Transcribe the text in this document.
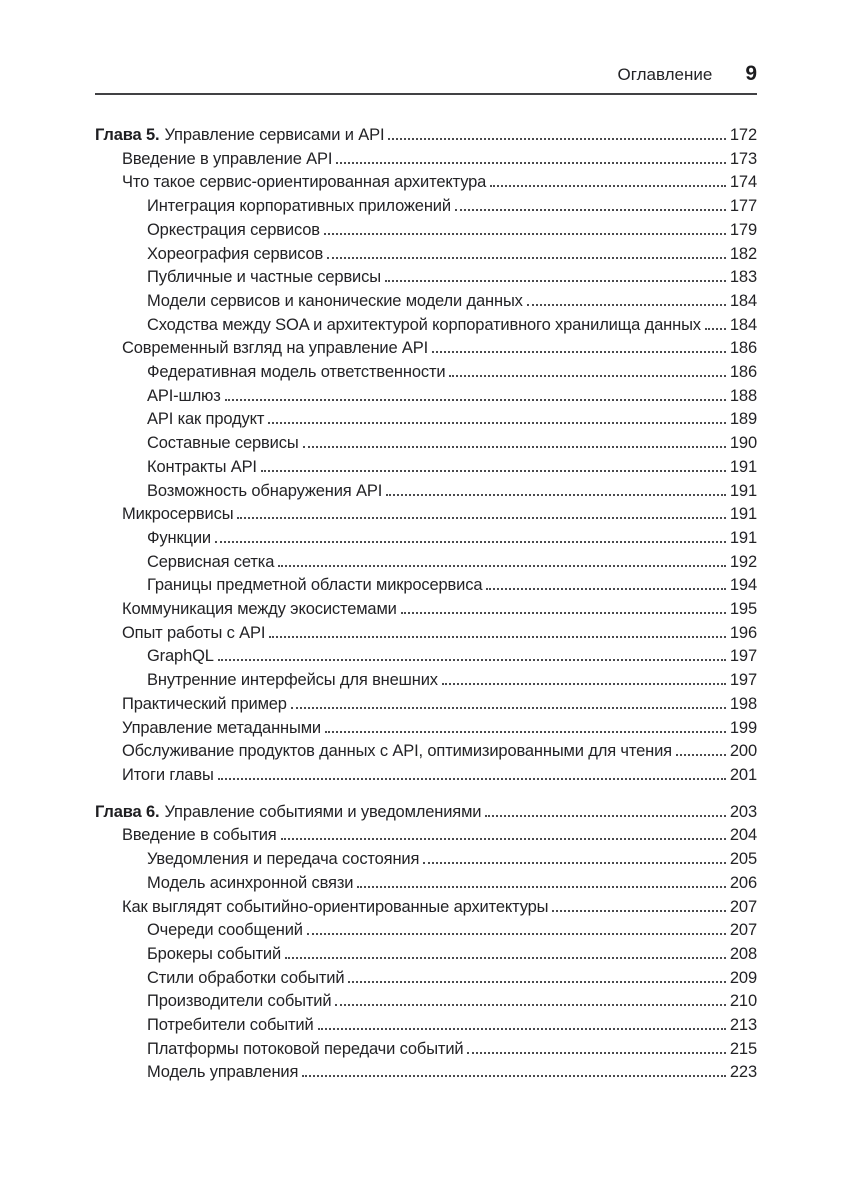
Оглавление 9
Глава 5. Управление сервисами и API	172
Введение в управление API	173
Что такое сервис-ориентированная архитектура	174
Интеграция корпоративных приложений	177
Оркестрация сервисов	179
Хореография сервисов	182
Публичные и частные сервисы	183
Модели сервисов и канонические модели данных	184
Сходства между SOA и архитектурой корпоративного хранилища данных 184
Современный взгляд на управление API	186
Федеративная модель ответственности	186
API-шлюз	188
API как продукт	189
Составные сервисы	190
Контракты API	191
Возможность обнаружения API	191
Микросервисы	191
Функции	191
Сервисная сетка	192
Границы предметной области микросервиса	194
Коммуникация между экосистемами	195
Опыт работы с API	196
GraphQL	197
Внутренние интерфейсы для внешних	197
Практический пример	198
Управление метаданными	199
Обслуживание продуктов данных с API, оптимизированными для чтения	200
Итоги главы	201
Глава 6. Управление событиями и уведомлениями	203
Введение в события	204
Уведомления и передача состояния	205
Модель асинхронной связи	206
Как выглядят событийно-ориентированные архитектуры	207
Очереди сообщений	207
Брокеры событий	208
Стили обработки событий	209
Производители событий	210
Потребители событий	213
Платформы потоковой передачи событий	215
Модель управления	223
